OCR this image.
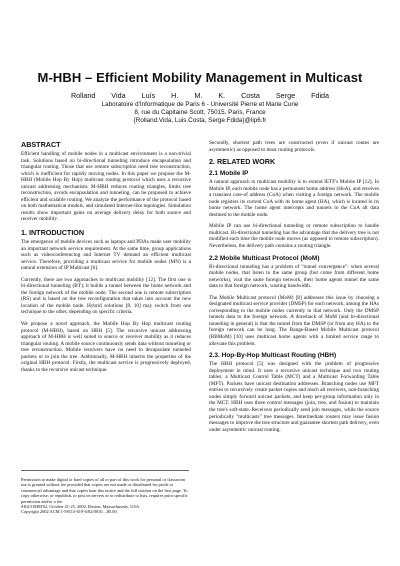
M-HBH – Efficient Mobility Management in Multicast
Rolland Vida Luís H. M. K. Costa Serge Fdida

Laboratoire d'Informatique de Paris 6 - Université Pierre et Marie Curie

8, rue du Capitaine Scott, 75015, Paris, France

{Rolland.Vida, Luis.Costa, Serge.Fdida}@lip6.fr

ABSTRACT

Efficient handling of mobile nodes in a multicast environment is a non-trivial task. Solutions based on bi-directional tunneling introduce encapsulation and triangular routing. Those that use remote subscription need tree reconstruction, which is inefficient for rapidly moving nodes. In this paper we propose the M-HBH (Mobile Hop By Hop) multicast routing protocol which uses a recursive unicast addressing mechanism. M-HBH reduces routing triangles, limits tree reconstruction, avoids encapsulation and tunneling, can be proposed to achieve efficient and scalable routing. We analyze the performance of the protocol based on both mathematical models, and simulated Internet-like topologies. Simulation results show important gains on average delivery delay for both source and receiver mobility.

1. INTRODUCTION

The emergence of mobile devices such as laptops and PDAs made user mobility an important network service requirement. At the same time, group applications such as videoconferencing and Internet TV demand an efficient multicast service. Therefore, providing a multicast service for mobile nodes (MN) is a natural extension of IP Multicast [6].

Currently, there are two approaches to multicast mobility [12]. The first one is bi-directional tunneling (BT); it builds a tunnel between the home network and the foreign network of the mobile node. The second one is remote subscription (RS) and is based on the tree reconfiguration that takes into account the new location of the mobile node. Hybrid solutions [8, 10] may switch from one technique to the other, depending on specific criteria.

We propose a novel approach, the Mobile Hop By Hop multicast routing protocol (M-HBH), based on HBH [5]. The recursive unicast addressing approach of M-HBH is well suited to source or receiver mobility as it reduces triangular routing. A mobile source continuously sends data without tunneling or tree reconstruction. Mobile receivers have no need to decapsulate tunneled packets or to join the tree. Additionally, M-HBH inherits the properties of the original HBH protocol. Firstly, the multicast service is progressively deployed, thanks to the recursive unicast technique.

Permission to make digital or hard copies of all or part of this work for personal or classroom use is granted without fee provided that copies are not made or distributed for profit or commercial advantage and that copies bear this notice and the full citation on the first page. To copy otherwise, or republish, to post on servers or to redistribute to lists, requires prior specific permission and/or a fee.

SIGCOMM'02, October 21-25, 2002, Boston, Massachusetts, USA.

Copyright 2002 ACM 1-58113-619-6/02/0010....$5.00.

Secondly, shortest path trees are constructed (even if unicast routes are asymmetric) as opposed to most routing protocols.

2. RELATED WORK
2.1 Mobile IP

A natural approach to multicast mobility is to extend IETF's Mobile IP [12]. In Mobile IP, each mobile node has a permanent home address (HoA), and receives a transient care-of address (CoA) when visiting a foreign network. The mobile node registers its current CoA with its home agent (HA), which is located in its home network. The home agent intercepts and tunnels to the CoA all data destined to the mobile node.

Mobile IP can use bi-directional tunneling or remote subscription to handle multicast. Bi-directional tunneling has the advantage that the delivery tree is not modified each time the mobile node moves (as opposed to remote subscription). Nevertheless, the delivery path contains a routing triangle.

2.2 Mobile Multicast Protocol (MoM)

Bi-directional tunneling has a problem of "tunnel convergence": when several mobile nodes, that listen to the same group (but come from different home networks), visit the same foreign network, their home agents tunnel the same data to that foreign network, wasting bandwidth.

The Mobile Multicast protocol (MoM) [8] addresses this issue by choosing a designated multicast service provider (DMSP) for each network, among the HAs corresponding to the mobile nodes currently in that network. Only the DMSP tunnels data to the foreign network. A drawback of MoM (and bi-directional tunneling in general) is that the tunnel from the DMSP (or from any HA) to the foreign network can be long. The Range-Based Mobile Multicast protocol (RBMoM) [10] uses multicast home agents with a limited service range to alleviate this problem.

2.3. Hop-By-Hop Multicast Routing (HBH)

The HBH protocol [5] was designed with the problem of progressive deployment in mind. It uses a recursive unicast technique and two routing tables: a Multicast Control Table (MCT) and a Multicast Forwarding Table (MFT). Packets have unicast destination addresses. Branching nodes use MFT entries to recursively create packet copies and reach all receivers, non-branching nodes simply forward unicast packets, and keep per-group information only in the MCT. HBH uses three control messages (join, tree, and fusion) to maintain the tree's soft-state. Receivers periodically send join messages, while the source periodically "multicasts" tree messages. Intermediate routers may issue fusion messages to improve the tree structure and guarantee shortest path delivery, even under asymmetric unicast routing.
